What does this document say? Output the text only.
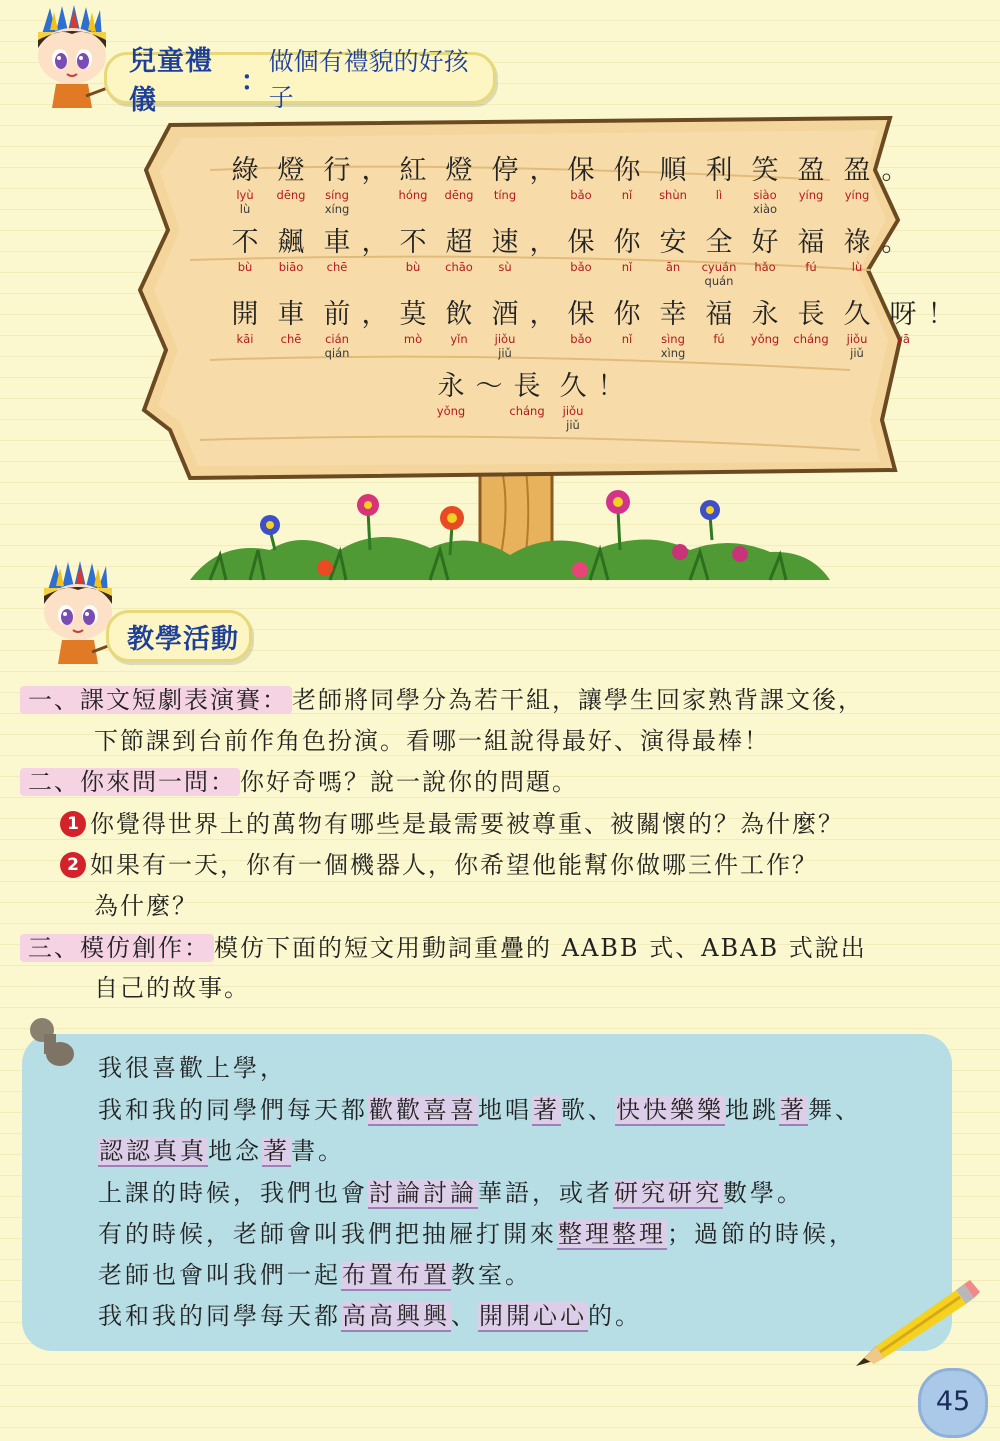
兒童禮儀
：
做個有禮貌的好孩子
綠
lyù
lù
燈
dēng
行
síng
xíng
， 紅
hóng
燈
dēng
停
tíng
， 保
bǎo
你
nǐ
順
shùn
利
lì
笑
siào
xiào
盈
yíng
盈
yíng
。
不
bù
飆
biāo
車
chē
， 不
bù
超
chāo
速
sù
， 保
bǎo
你
nǐ
安
ān
全
cyuán
quán
好
hǎo
福
fú
祿
lù
。
開
kāi
車
chē
前
cián
qián
， 莫
mò
飲
yǐn
酒
jiǒu
jiǔ
， 保
bǎo
你
nǐ
幸
sìng
xìng
福
fú
永
yǒng
長
cháng
久
jiǒu
jiǔ
呀
yā
！
永
yǒng
～ 長
cháng
久
jiǒu
jiǔ
！
教學活動
一、課文短劇表演賽： 老師將同學分為若干組，讓學生回家熟背課文後，
下節課到台前作角色扮演。看哪一組說得最好、演得最棒！
二、你來問一問： 你好奇嗎？說一說你的問題。
1 你覺得世界上的萬物有哪些是最需要被尊重、被關懷的？為什麼？
2 如果有一天，你有一個機器人，你希望他能幫你做哪三件工作？
為什麼？
三、模仿創作： 模仿下面的短文用動詞重疊的 AABB 式、ABAB 式說出
自己的故事。
我很喜歡上學，
我和我的同學們每天都歡歡喜喜地唱著歌、快快樂樂地跳著舞、
認認真真地念著書。
上課的時候，我們也會討論討論華語，或者研究研究數學。
有的時候，老師會叫我們把抽屜打開來整理整理；過節的時候，
老師也會叫我們一起布置布置教室。
我和我的同學每天都高高興興、開開心心的。
45
